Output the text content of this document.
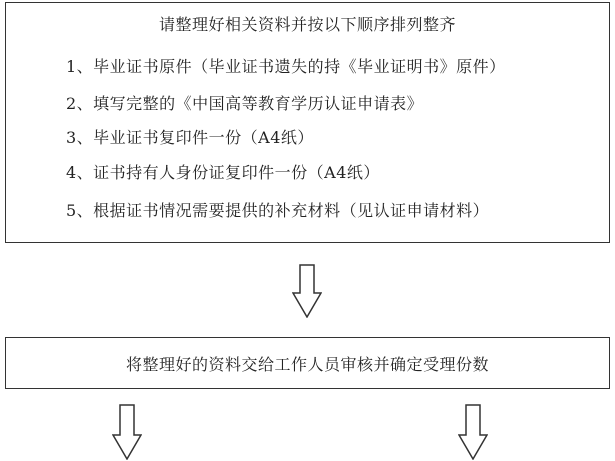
请整理好相关资料并按以下顺序排列整齐
1、毕业证书原件（毕业证书遗失的持《毕业证明书》原件）
2、填写完整的《中国高等教育学历认证申请表》
3、毕业证书复印件一份（A4纸）
4、证书持有人身份证复印件一份（A4纸）
5、根据证书情况需要提供的补充材料（见认证申请材料）
将整理好的资料交给工作人员审核并确定受理份数
